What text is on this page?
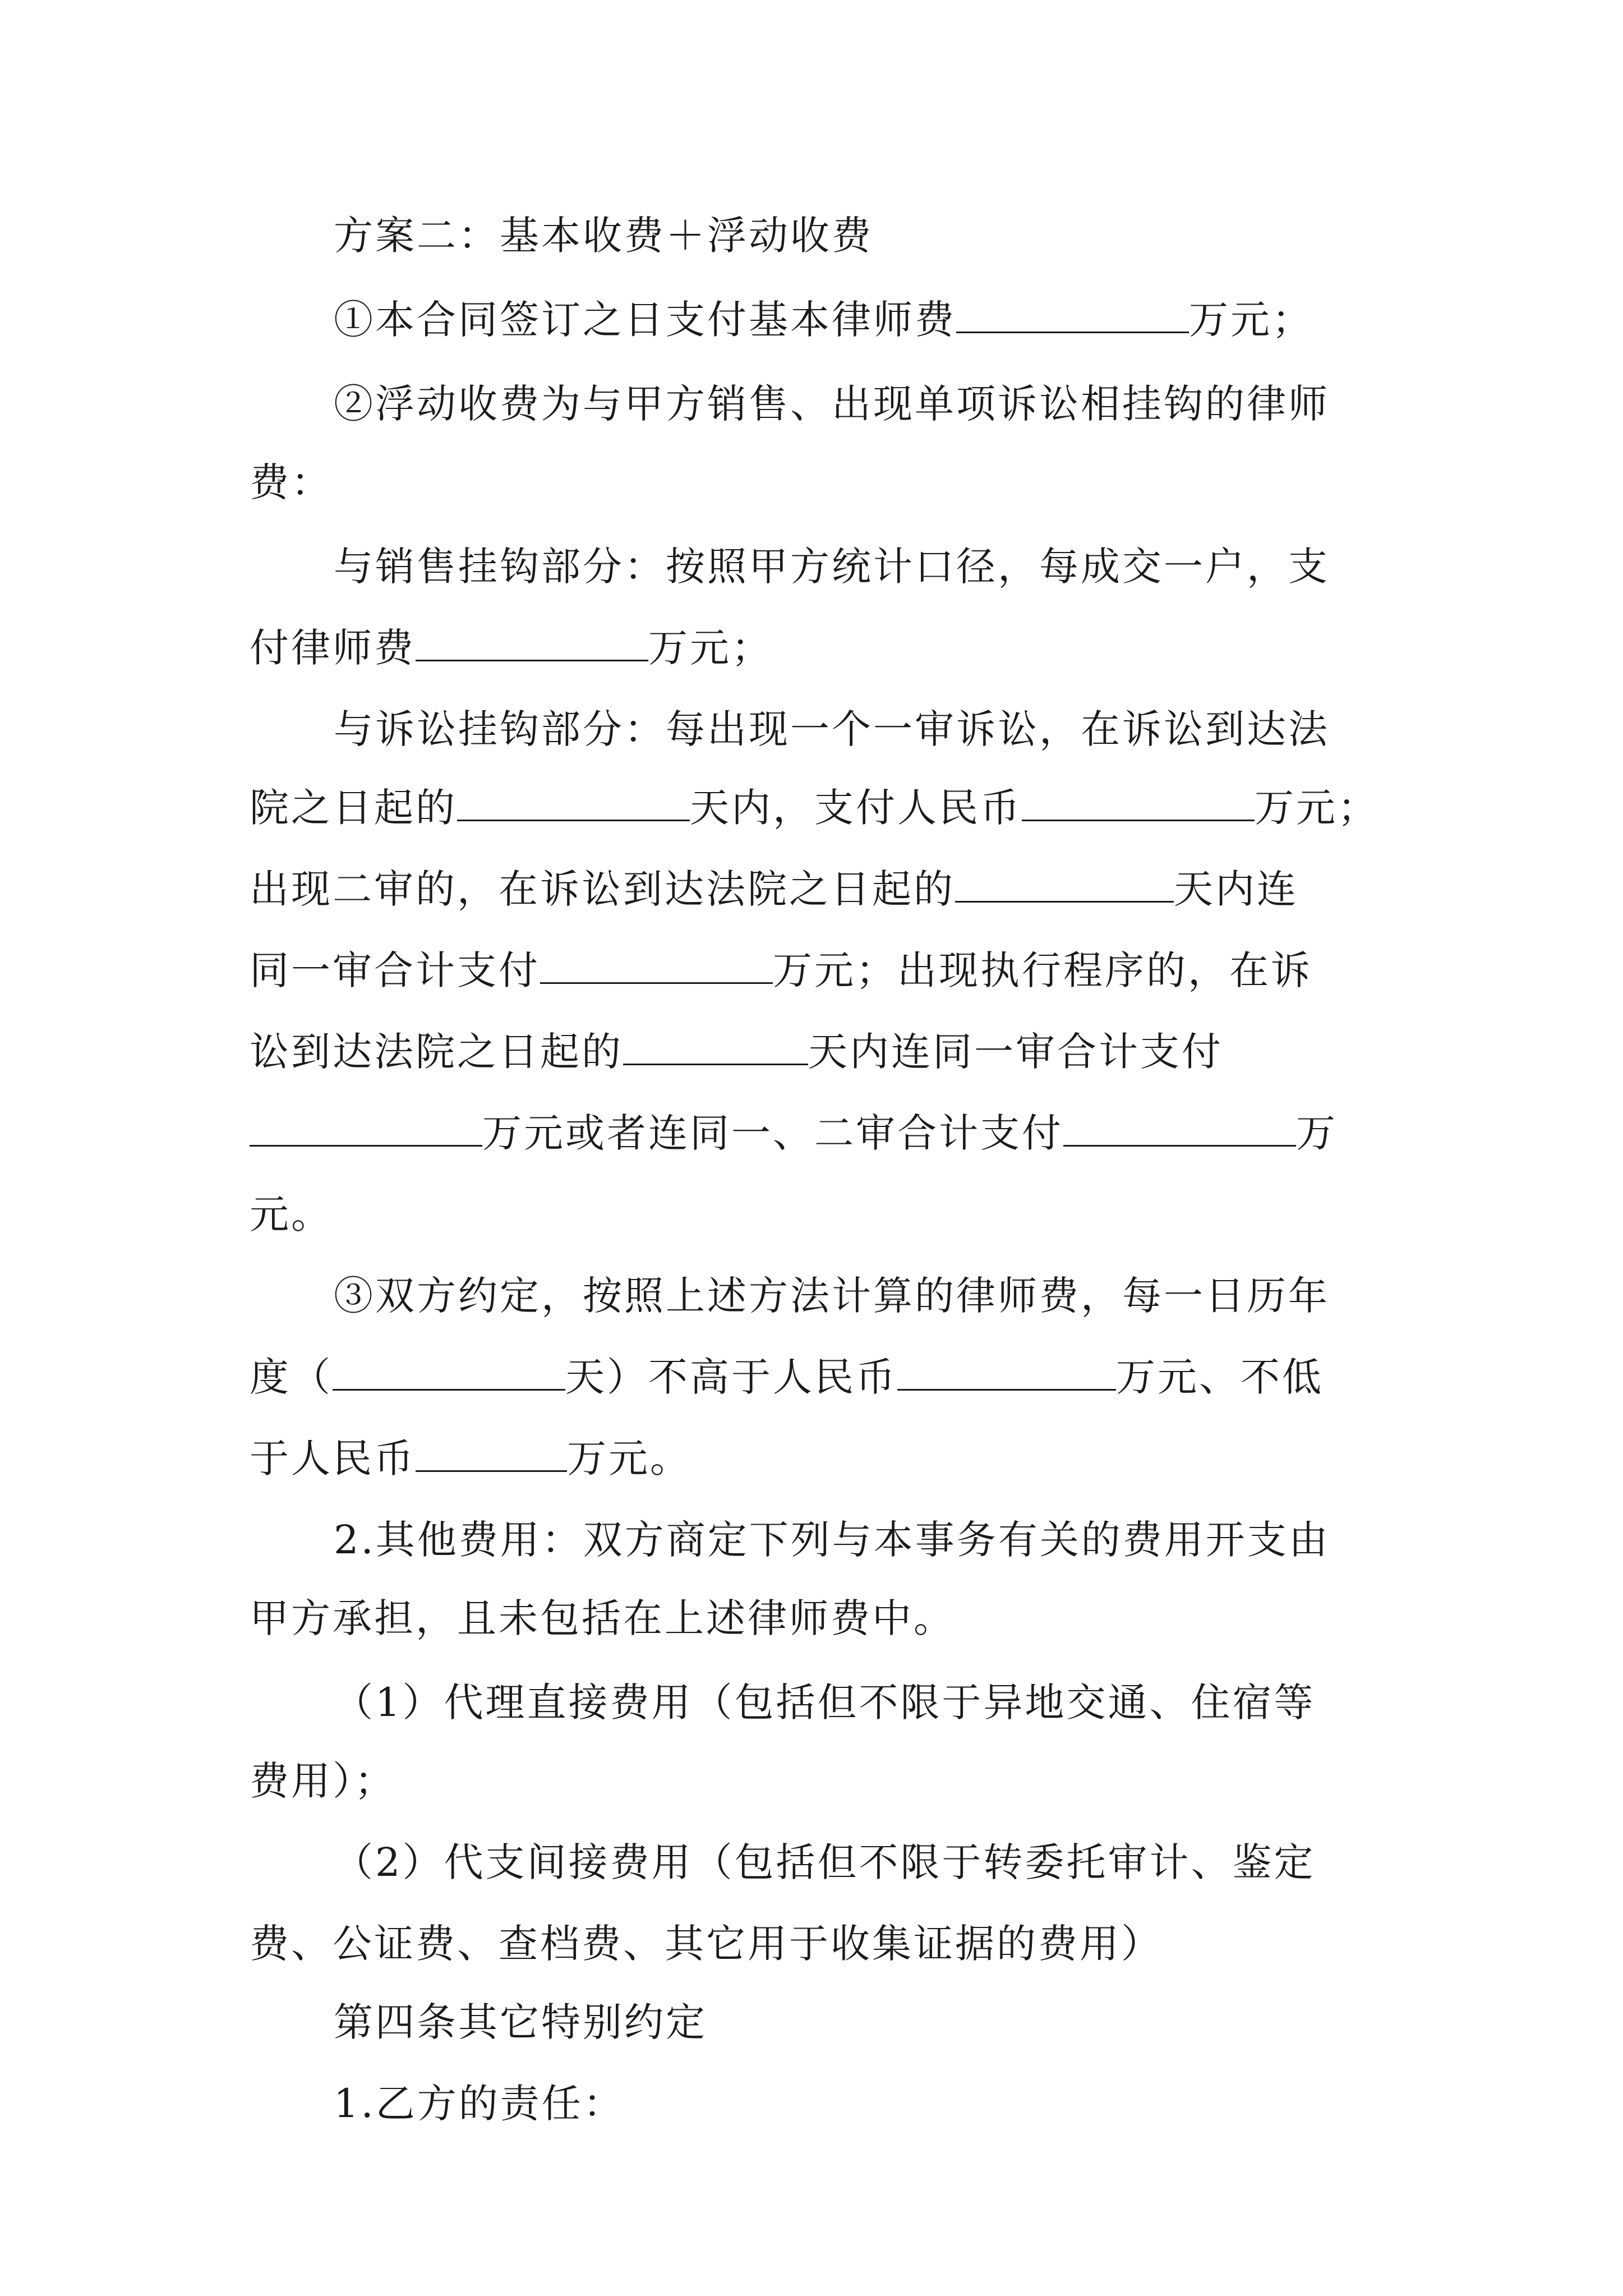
方案二：基本收费＋浮动收费
①本合同签订之日支付基本律师费	万元；
②浮动收费为与甲方销售、出现单项诉讼相挂钩的律师
费：
与销售挂钩部分：按照甲方统计口径，每成交一户，支
付律师费	万元；
与诉讼挂钩部分：每出现一个一审诉讼，在诉讼到达法
院之日起的	天内，支付人民币	万元；
出现二审的，在诉讼到达法院之日起的	天内连
同一审合计支付	万元；出现执行程序的，在诉
讼到达法院之日起的	天内连同一审合计支付
万元或者连同一、二审合计支付	万
元。
③双方约定，按照上述方法计算的律师费，每一日历年
度（	天）不高于人民币	万元、不低
于人民币	万元。
2.其他费用：双方商定下列与本事务有关的费用开支由
甲方承担，且未包括在上述律师费中。
（1）代理直接费用（包括但不限于异地交通、住宿等
费用）；
（2）代支间接费用（包括但不限于转委托审计、鉴定
费、公证费、查档费、其它用于收集证据的费用）
第四条其它特别约定
1.乙方的责任：
